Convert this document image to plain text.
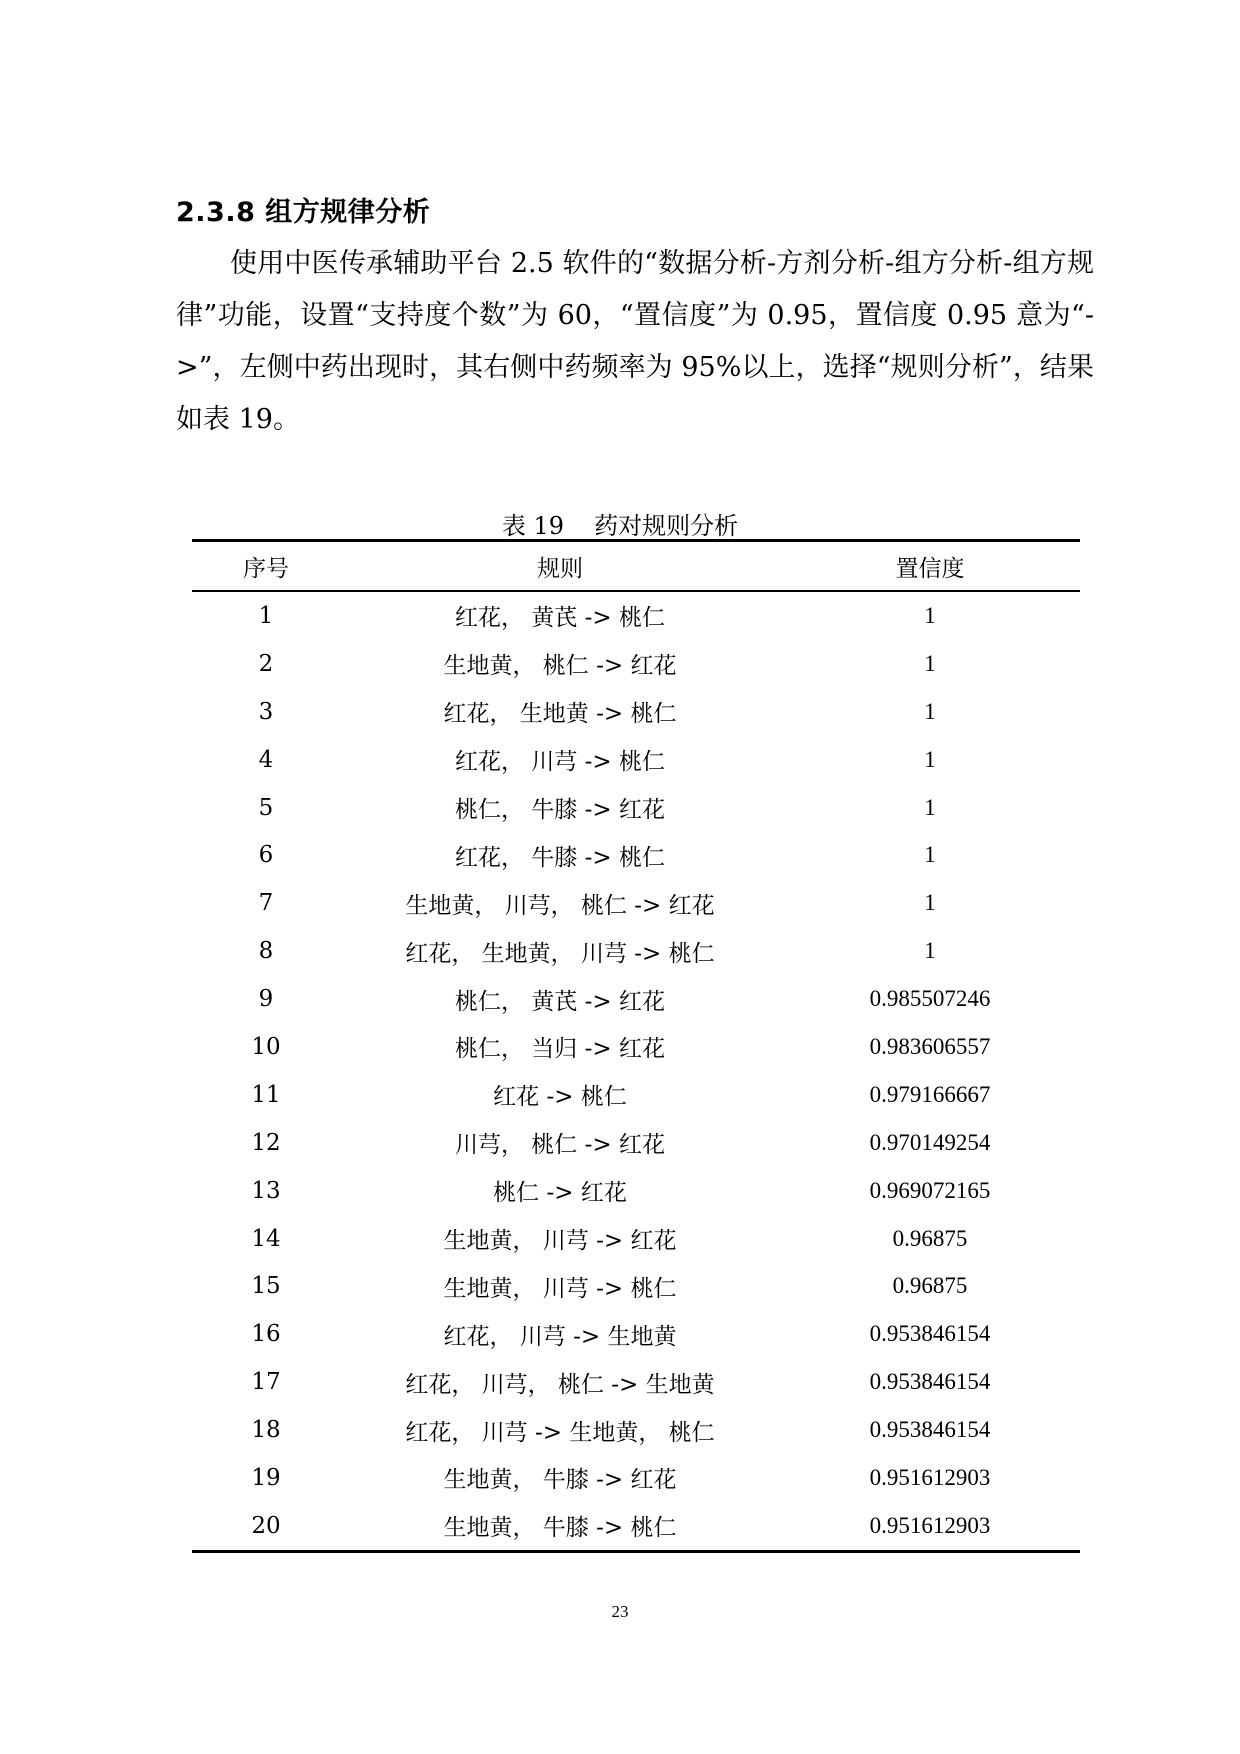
2.3.8 组方规律分析

使用中医传承辅助平台 2.5 软件的“数据分析-方剂分析-组方分析-组方规律”功能，设置“支持度个数”为 60，“置信度”为 0.95，置信度 0.95 意为“->”，左侧中药出现时，其右侧中药频率为 95%以上，选择“规则分析”，结果如表 19。

表 19 药对规则分析
序号	规则	置信度
1	红花， 黄芪 -> 桃仁	1
2	生地黄， 桃仁 -> 红花	1
3	红花， 生地黄 -> 桃仁	1
4	红花， 川芎 -> 桃仁	1
5	桃仁， 牛膝 -> 红花	1
6	红花， 牛膝 -> 桃仁	1
7	生地黄， 川芎， 桃仁 -> 红花	1
8	红花， 生地黄， 川芎 -> 桃仁	1
9	桃仁， 黄芪 -> 红花	0.985507246
10	桃仁， 当归 -> 红花	0.983606557
11	红花 -> 桃仁	0.979166667
12	川芎， 桃仁 -> 红花	0.970149254
13	桃仁 -> 红花	0.969072165
14	生地黄， 川芎 -> 红花	0.96875
15	生地黄， 川芎 -> 桃仁	0.96875
16	红花， 川芎 -> 生地黄	0.953846154
17	红花， 川芎， 桃仁 -> 生地黄	0.953846154
18	红花， 川芎 -> 生地黄， 桃仁	0.953846154
19	生地黄， 牛膝 -> 红花	0.951612903
20	生地黄， 牛膝 -> 桃仁	0.951612903
23
